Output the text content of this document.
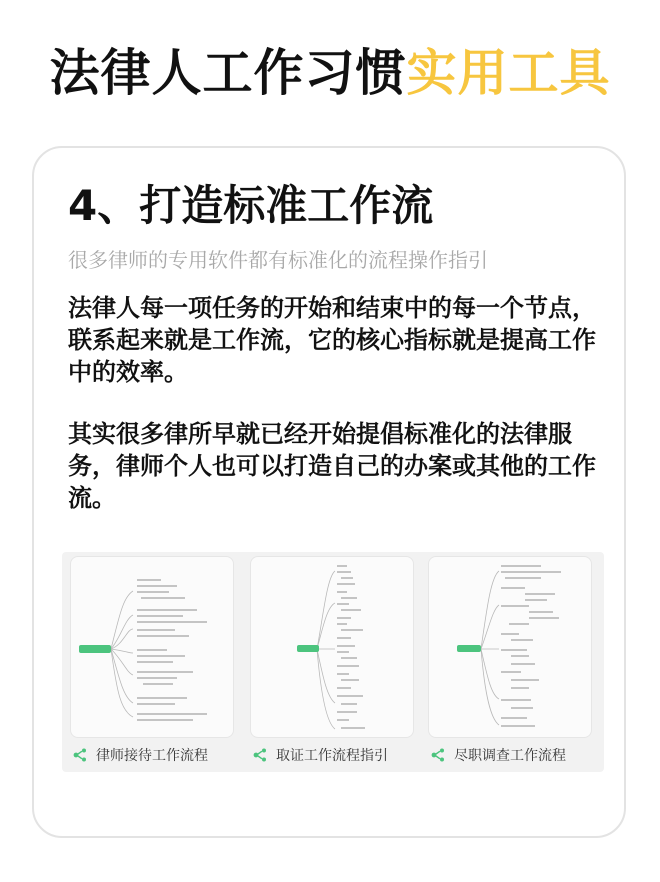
法律人工作习惯实用工具
4、打造标准工作流
很多律师的专用软件都有标准化的流程操作指引

法律人每一项任务的开始和结束中的每一个节点，联系起来就是工作流，它的核心指标就是提高工作中的效率。

其实很多律所早就已经开始提倡标准化的法律服务，律师个人也可以打造自己的办案或其他的工作流。

律师接待工作流程	取证工作流程指引	尽职调查工作流程
